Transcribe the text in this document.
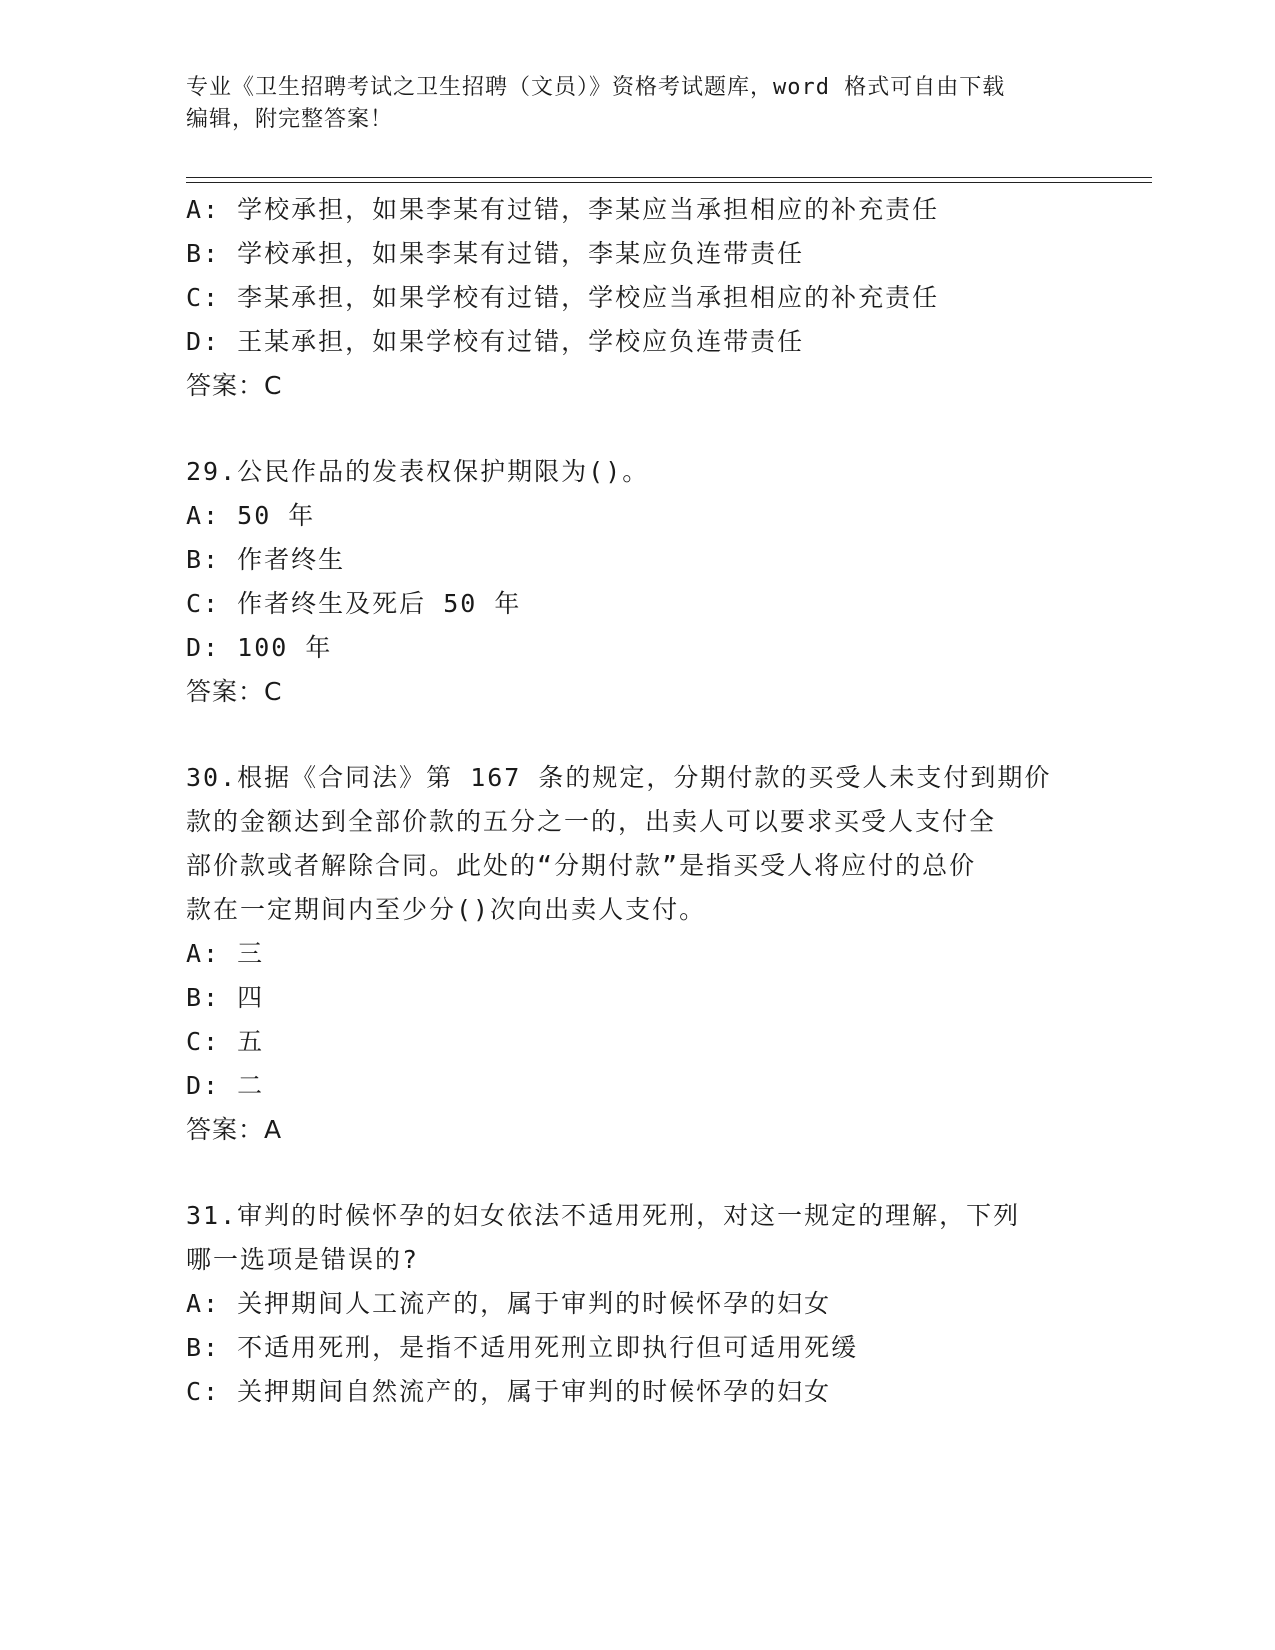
专业《卫生招聘考试之卫生招聘（文员）》资格考试题库，word 格式可自由下载
编辑，附完整答案！
A: 学校承担，如果李某有过错，李某应当承担相应的补充责任
B: 学校承担，如果李某有过错，李某应负连带责任
C: 李某承担，如果学校有过错，学校应当承担相应的补充责任
D: 王某承担，如果学校有过错，学校应负连带责任
答案：C
29.公民作品的发表权保护期限为()。
A: 50 年
B: 作者终生
C: 作者终生及死后 50 年
D: 100 年
答案：C
30.根据《合同法》第 167 条的规定，分期付款的买受人未支付到期价
款的金额达到全部价款的五分之一的，出卖人可以要求买受人支付全
部价款或者解除合同。此处的“分期付款”是指买受人将应付的总价
款在一定期间内至少分()次向出卖人支付。
A: 三
B: 四
C: 五
D: 二
答案：A
31.审判的时候怀孕的妇女依法不适用死刑，对这一规定的理解，下列
哪一选项是错误的?
A: 关押期间人工流产的，属于审判的时候怀孕的妇女
B: 不适用死刑，是指不适用死刑立即执行但可适用死缓
C: 关押期间自然流产的，属于审判的时候怀孕的妇女
